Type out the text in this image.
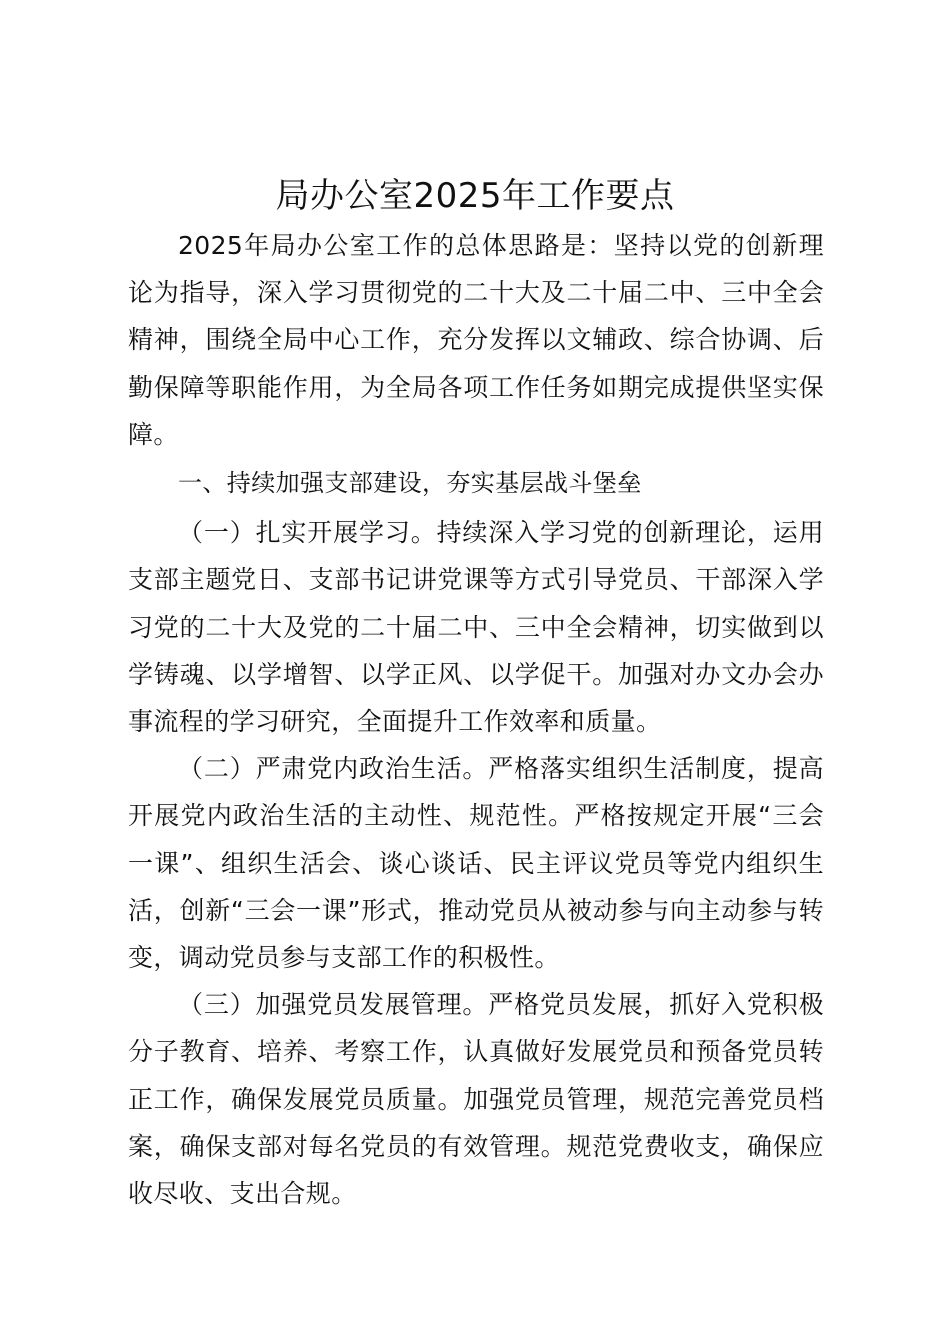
局办公室2025年工作要点

2025年局办公室工作的总体思路是：坚持以党的创新理论为指导，深入学习贯彻党的二十大及二十届二中、三中全会精神，围绕全局中心工作，充分发挥以文辅政、综合协调、后勤保障等职能作用，为全局各项工作任务如期完成提供坚实保障。

一、持续加强支部建设，夯实基层战斗堡垒

（一）扎实开展学习。持续深入学习党的创新理论，运用支部主题党日、支部书记讲党课等方式引导党员、干部深入学习党的二十大及党的二十届二中、三中全会精神，切实做到以学铸魂、以学增智、以学正风、以学促干。加强对办文办会办事流程的学习研究，全面提升工作效率和质量。

（二）严肃党内政治生活。严格落实组织生活制度，提高开展党内政治生活的主动性、规范性。严格按规定开展“三会一课”、组织生活会、谈心谈话、民主评议党员等党内组织生活，创新“三会一课”形式，推动党员从被动参与向主动参与转变，调动党员参与支部工作的积极性。

（三）加强党员发展管理。严格党员发展，抓好入党积极分子教育、培养、考察工作，认真做好发展党员和预备党员转正工作，确保发展党员质量。加强党员管理，规范完善党员档案，确保支部对每名党员的有效管理。规范党费收支，确保应收尽收、支出合规。
